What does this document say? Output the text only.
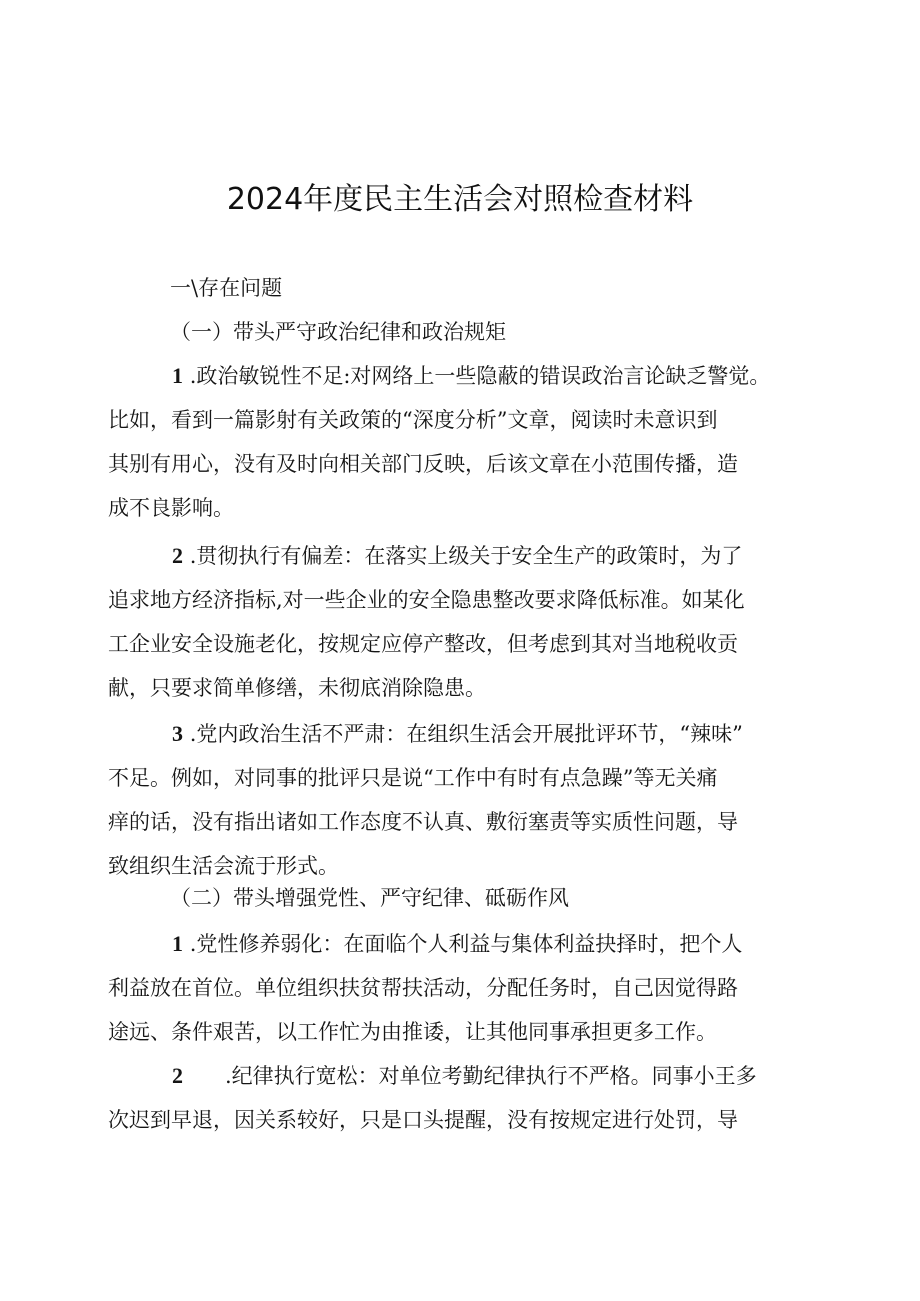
2024年度民主生活会对照检查材料
一\存在问题
（一）带头严守政治纪律和政治规矩
1 .政治敏锐性不足:对网络上一些隐蔽的错误政治言论缺乏警觉。
比如，看到一篇影射有关政策的“深度分析”文章，阅读时未意识到
其别有用心，没有及时向相关部门反映，后该文章在小范围传播，造
成不良影响。
2 .贯彻执行有偏差：在落实上级关于安全生产的政策时，为了
追求地方经济指标,对一些企业的安全隐患整改要求降低标准。如某化
工企业安全设施老化，按规定应停产整改，但考虑到其对当地税收贡
献，只要求简单修缮，未彻底消除隐患。
3 .党内政治生活不严肃：在组织生活会开展批评环节，“辣味”
不足。例如，对同事的批评只是说“工作中有时有点急躁”等无关痛
痒的话，没有指出诸如工作态度不认真、敷衍塞责等实质性问题，导
致组织生活会流于形式。
（二）带头增强党性、严守纪律、砥砺作风
1 .党性修养弱化：在面临个人利益与集体利益抉择时，把个人
利益放在首位。单位组织扶贫帮扶活动，分配任务时，自己因觉得路
途远、条件艰苦，以工作忙为由推诿，让其他同事承担更多工作。
2 .纪律执行宽松：对单位考勤纪律执行不严格。同事小王多
次迟到早退，因关系较好，只是口头提醒，没有按规定进行处罚，导
